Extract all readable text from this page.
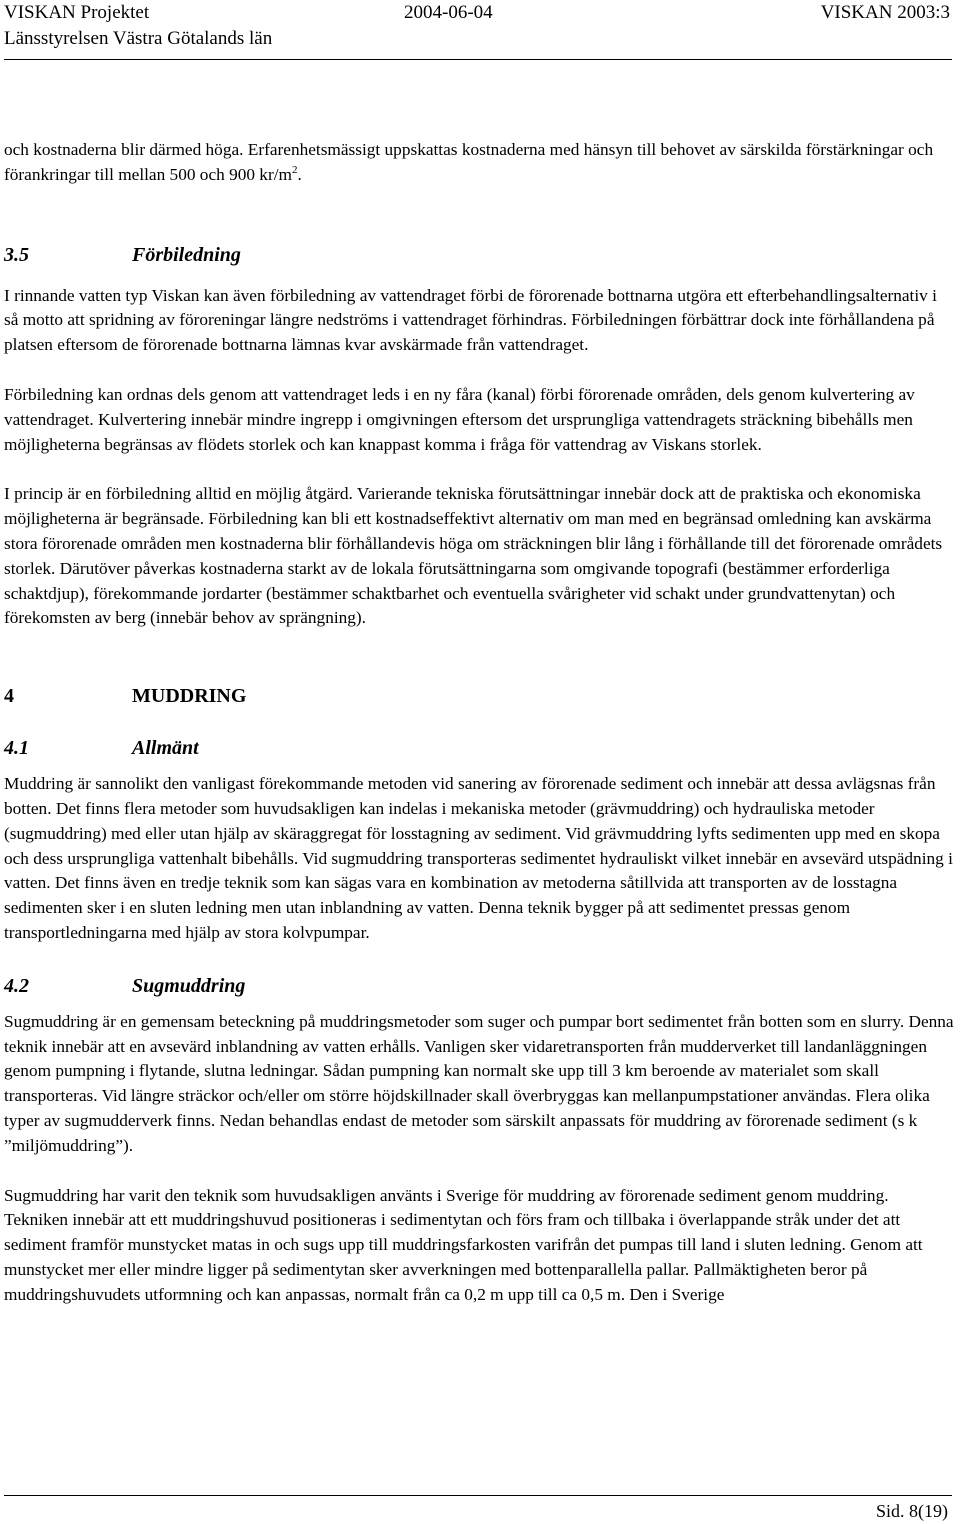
VISKAN Projektet	VISKAN 2003:3
2004-06-04
Länsstyrelsen Västra Götalands län

och kostnaderna blir därmed höga. Erfarenhetsmässigt uppskattas kostnaderna med hänsyn till behovet av särskilda förstärkningar och förankringar till mellan 500 och 900 $kr/m^2$.

3.5	Förbiledning

I rinnande vatten typ Viskan kan även förbiledning av vattendraget förbi de förorenade bottnarna utgöra ett efterbehandlingsalternativ i så motto att spridning av föroreningar längre nedströms i vattendraget förhindras. Förbiledningen förbättrar dock inte förhållandena på platsen eftersom de förorenade bottnarna lämnas kvar avskärmade från vattendraget.

Förbiledning kan ordnas dels genom att vattendraget leds i en ny fåra (kanal) förbi förorenade områden, dels genom kulvertering av vattendraget. Kulvertering innebär mindre ingrepp i omgivningen eftersom det ursprungliga vattendragets sträckning bibehålls men möjligheterna begränsas av flödets storlek och kan knappast komma i fråga för vattendrag av Viskans storlek.

I princip är en förbiledning alltid en möjlig åtgärd. Varierande tekniska förutsättningar innebär dock att de praktiska och ekonomiska möjligheterna är begränsade. Förbiledning kan bli ett kostnadseffektivt alternativ om man med en begränsad omledning kan avskärma stora förorenade områden men kostnaderna blir förhållandevis höga om sträckningen blir lång i förhållande till det förorenade områdets storlek. Därutöver påverkas kostnaderna starkt av de lokala förutsättningarna som omgivande topografi (bestämmer erforderliga schaktdjup), förekommande jordarter (bestämmer schaktbarhet och eventuella svårigheter vid schakt under grundvattenytan) och förekomsten av berg (innebär behov av sprängning).

4	MUDDRING
4.1	Allmänt

Muddring är sannolikt den vanligast förekommande metoden vid sanering av förorenade sediment och innebär att dessa avlägsnas från botten. Det finns flera metoder som huvudsakligen kan indelas i mekaniska metoder (grävmuddring) och hydrauliska metoder (sugmuddring) med eller utan hjälp av skäraggregat för losstagning av sediment. Vid grävmuddring lyfts sedimenten upp med en skopa och dess ursprungliga vattenhalt bibehålls. Vid sugmuddring transporteras sedimentet hydrauliskt vilket innebär en avsevärd utspädning i vatten. Det finns även en tredje teknik som kan sägas vara en kombination av metoderna såtillvida att transporten av de losstagna sedimenten sker i en sluten ledning men utan inblandning av vatten. Denna teknik bygger på att sedimentet pressas genom transportledningarna med hjälp av stora kolvpumpar.

4.2	Sugmuddring

Sugmuddring är en gemensam beteckning på muddringsmetoder som suger och pumpar bort sedimentet från botten som en slurry. Denna teknik innebär att en avsevärd inblandning av vatten erhålls. Vanligen sker vidaretransporten från mudderverket till landanläggningen genom pumpning i flytande, slutna ledningar. Sådan pumpning kan normalt ske upp till 3 km beroende av materialet som skall transporteras. Vid längre sträckor och/eller om större höjdskillnader skall överbryggas kan mellanpumpstationer användas. Flera olika typer av sugmudderverk finns. Nedan behandlas endast de metoder som särskilt anpassats för muddring av förorenade sediment (s k ”miljömuddring”).

Sugmuddring har varit den teknik som huvudsakligen använts i Sverige för muddring av förorenade sediment genom muddring. Tekniken innebär att ett muddringshuvud positioneras i sedimentytan och förs fram och tillbaka i överlappande stråk under det att sediment framför munstycket matas in och sugs upp till muddringsfarkosten varifrån det pumpas till land i sluten ledning. Genom att munstycket mer eller mindre ligger på sedimentytan sker avverkningen med bottenparallella pallar. Pallmäktigheten beror på muddringshuvudets utformning och kan anpassas, normalt från ca 0,2 m upp till ca 0,5 m. Den i Sverige

Sid. 8(19)
